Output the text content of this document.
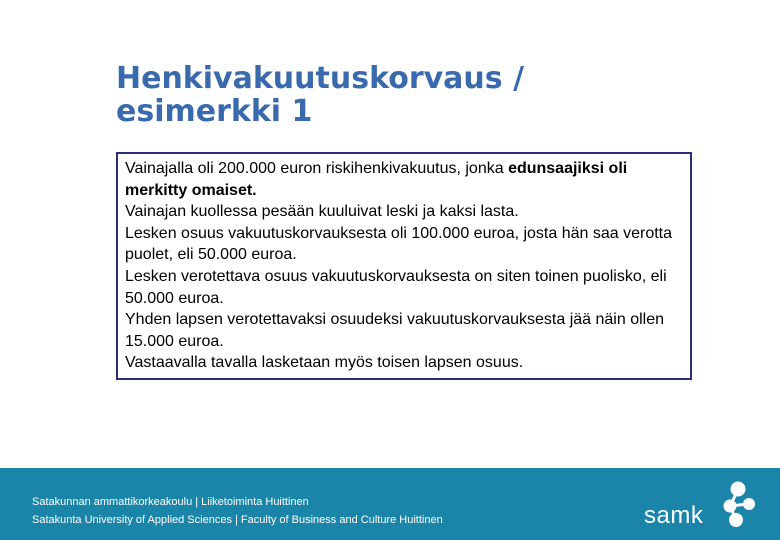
Henkivakuutuskorvaus /
esimerkki 1

Vainajalla oli 200.000 euron riskihenkivakuutus, jonka edunsaajiksi oli merkitty omaiset.
Vainajan kuollessa pesään kuuluivat leski ja kaksi lasta.
Lesken osuus vakuutuskorvauksesta oli 100.000 euroa, josta hän saa verotta puolet, eli 50.000 euroa.
Lesken verotettava osuus vakuutuskorvauksesta on siten toinen puolisko, eli 50.000 euroa.
Yhden lapsen verotettavaksi osuudeksi vakuutuskorvauksesta jää näin ollen 15.000 euroa.
Vastaavalla tavalla lasketaan myös toisen lapsen osuus.

Satakunnan ammattikorkeakoulu | Liiketoiminta Huittinen
Satakunta University of Applied Sciences | Faculty of Business and Culture Huittinen	samk
